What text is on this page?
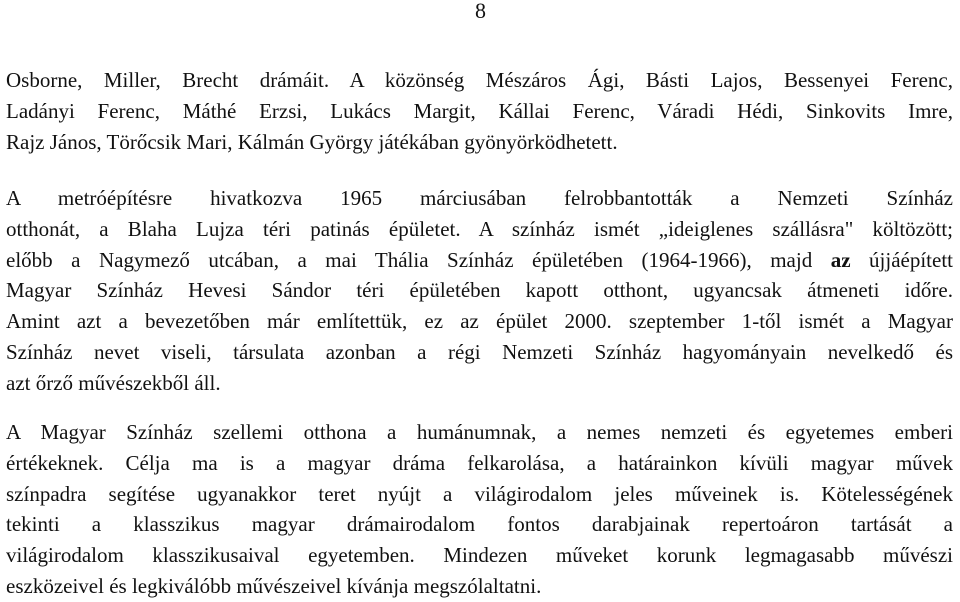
8

Osborne, Miller, Brecht drámáit. A közönség Mészáros Ági, Básti Lajos, Bessenyei Ferenc,
Ladányi Ferenc, Máthé Erzsi, Lukács Margit, Kállai Ferenc, Váradi Hédi, Sinkovits Imre,
Rajz János, Törőcsik Mari, Kálmán György játékában gyönyörködhetett.

A metróépítésre hivatkozva 1965 márciusában felrobbantották a Nemzeti Színház
otthonát, a Blaha Lujza téri patinás épületet. A színház ismét „ideiglenes szállásra" költözött;
előbb a Nagymező utcában, a mai Thália Színház épületében (1964-1966), majd az újjáépített
Magyar Színház Hevesi Sándor téri épületében kapott otthont, ugyancsak átmeneti időre.
Amint azt a bevezetőben már említettük, ez az épület 2000. szeptember 1-től ismét a Magyar
Színház nevet viseli, társulata azonban a régi Nemzeti Színház hagyományain nevelkedő és
azt őrző művészekből áll.

A Magyar Színház szellemi otthona a humánumnak, a nemes nemzeti és egyetemes emberi
értékeknek. Célja ma is a magyar dráma felkarolása, a határainkon kívüli magyar művek
színpadra segítése ugyanakkor teret nyújt a világirodalom jeles műveinek is. Kötelességének
tekinti a klasszikus magyar drámairodalom fontos darabjainak repertoáron tartását a
világirodalom klasszikusaival egyetemben. Mindezen műveket korunk legmagasabb művészi
eszközeivel és legkiválóbb művészeivel kívánja megszólaltatni.
